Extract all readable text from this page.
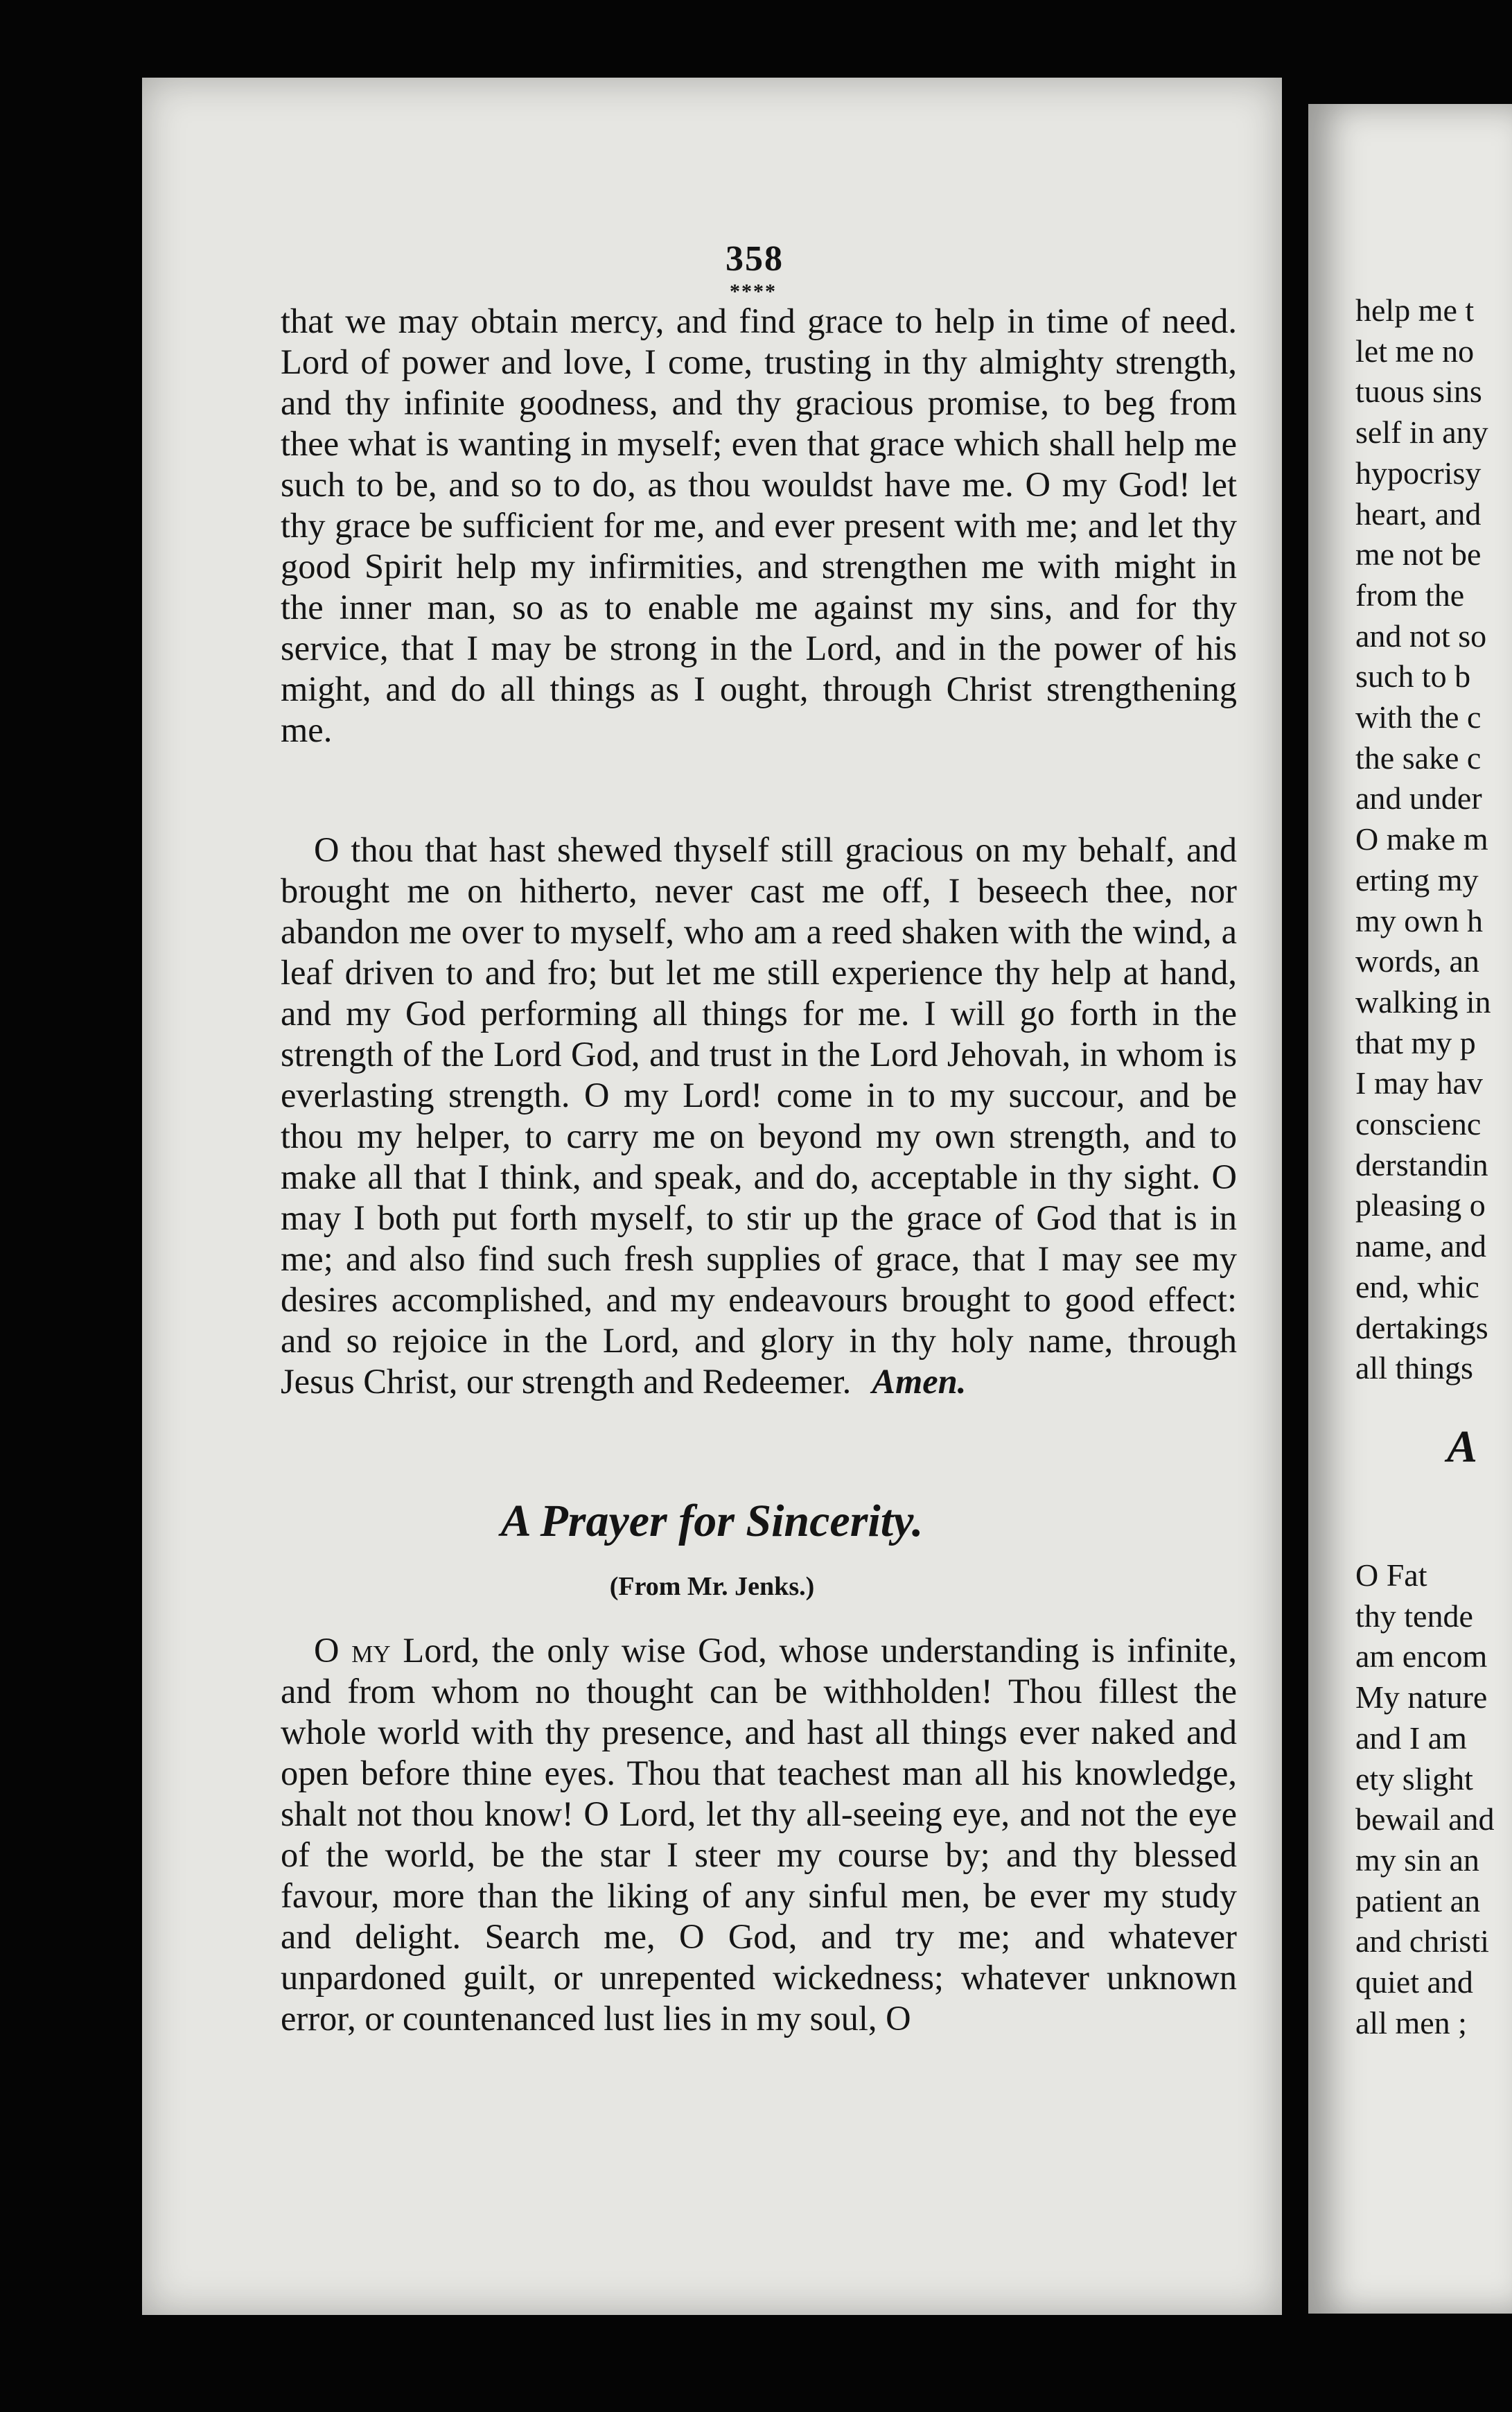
358
****

that we may obtain mercy, and find grace to help in time of need. Lord of power and love, I come, trusting in thy almighty strength, and thy infinite goodness, and thy gracious promise, to beg from thee what is wanting in myself; even that grace which shall help me such to be, and so to do, as thou wouldst have me. O my God! let thy grace be sufficient for me, and ever present with me; and let thy good Spirit help my infirmities, and strengthen me with might in the inner man, so as to enable me against my sins, and for thy service, that I may be strong in the Lord, and in the power of his might, and do all things as I ought, through Christ strengthening me.

O thou that hast shewed thyself still gracious on my behalf, and brought me on hitherto, never cast me off, I beseech thee, nor abandon me over to myself, who am a reed shaken with the wind, a leaf driven to and fro; but let me still experience thy help at hand, and my God performing all things for me. I will go forth in the strength of the Lord God, and trust in the Lord Jehovah, in whom is everlasting strength. O my Lord! come in to my succour, and be thou my helper, to carry me on beyond my own strength, and to make all that I think, and speak, and do, acceptable in thy sight. O may I both put forth myself, to stir up the grace of God that is in me; and also find such fresh supplies of grace, that I may see my desires accomplished, and my endeavours brought to good effect: and so rejoice in the Lord, and glory in thy holy name, through Jesus Christ, our strength and Redeemer. Amen.

A Prayer for Sincerity.
(From Mr. Jenks.)

O my Lord, the only wise God, whose understanding is infinite, and from whom no thought can be withholden! Thou fillest the whole world with thy presence, and hast all things ever naked and open before thine eyes. Thou that teachest man all his knowledge, shalt not thou know! O Lord, let thy all-seeing eye, and not the eye of the world, be the star I steer my course by; and thy blessed favour, more than the liking of any sinful men, be ever my study and delight. Search me, O God, and try me; and whatever unpardoned guilt, or unrepented wickedness; whatever unknown error, or countenanced lust lies in my soul, O

help me t
let me no
tuous sins
self in any
hypocrisy
heart, and
me not be
from the
and not so
such to b
with the c
the sake c
and under
O make m
erting my
my own h
words, an
walking in
that my p
I may hav
conscienc
derstandin
pleasing o
name, and
end, whic
dertakings
all things
O Fat
thy tende
am encom
My nature
and I am
ety slight
bewail and
my sin an
patient an
and christi
quiet and
all men ;
A
